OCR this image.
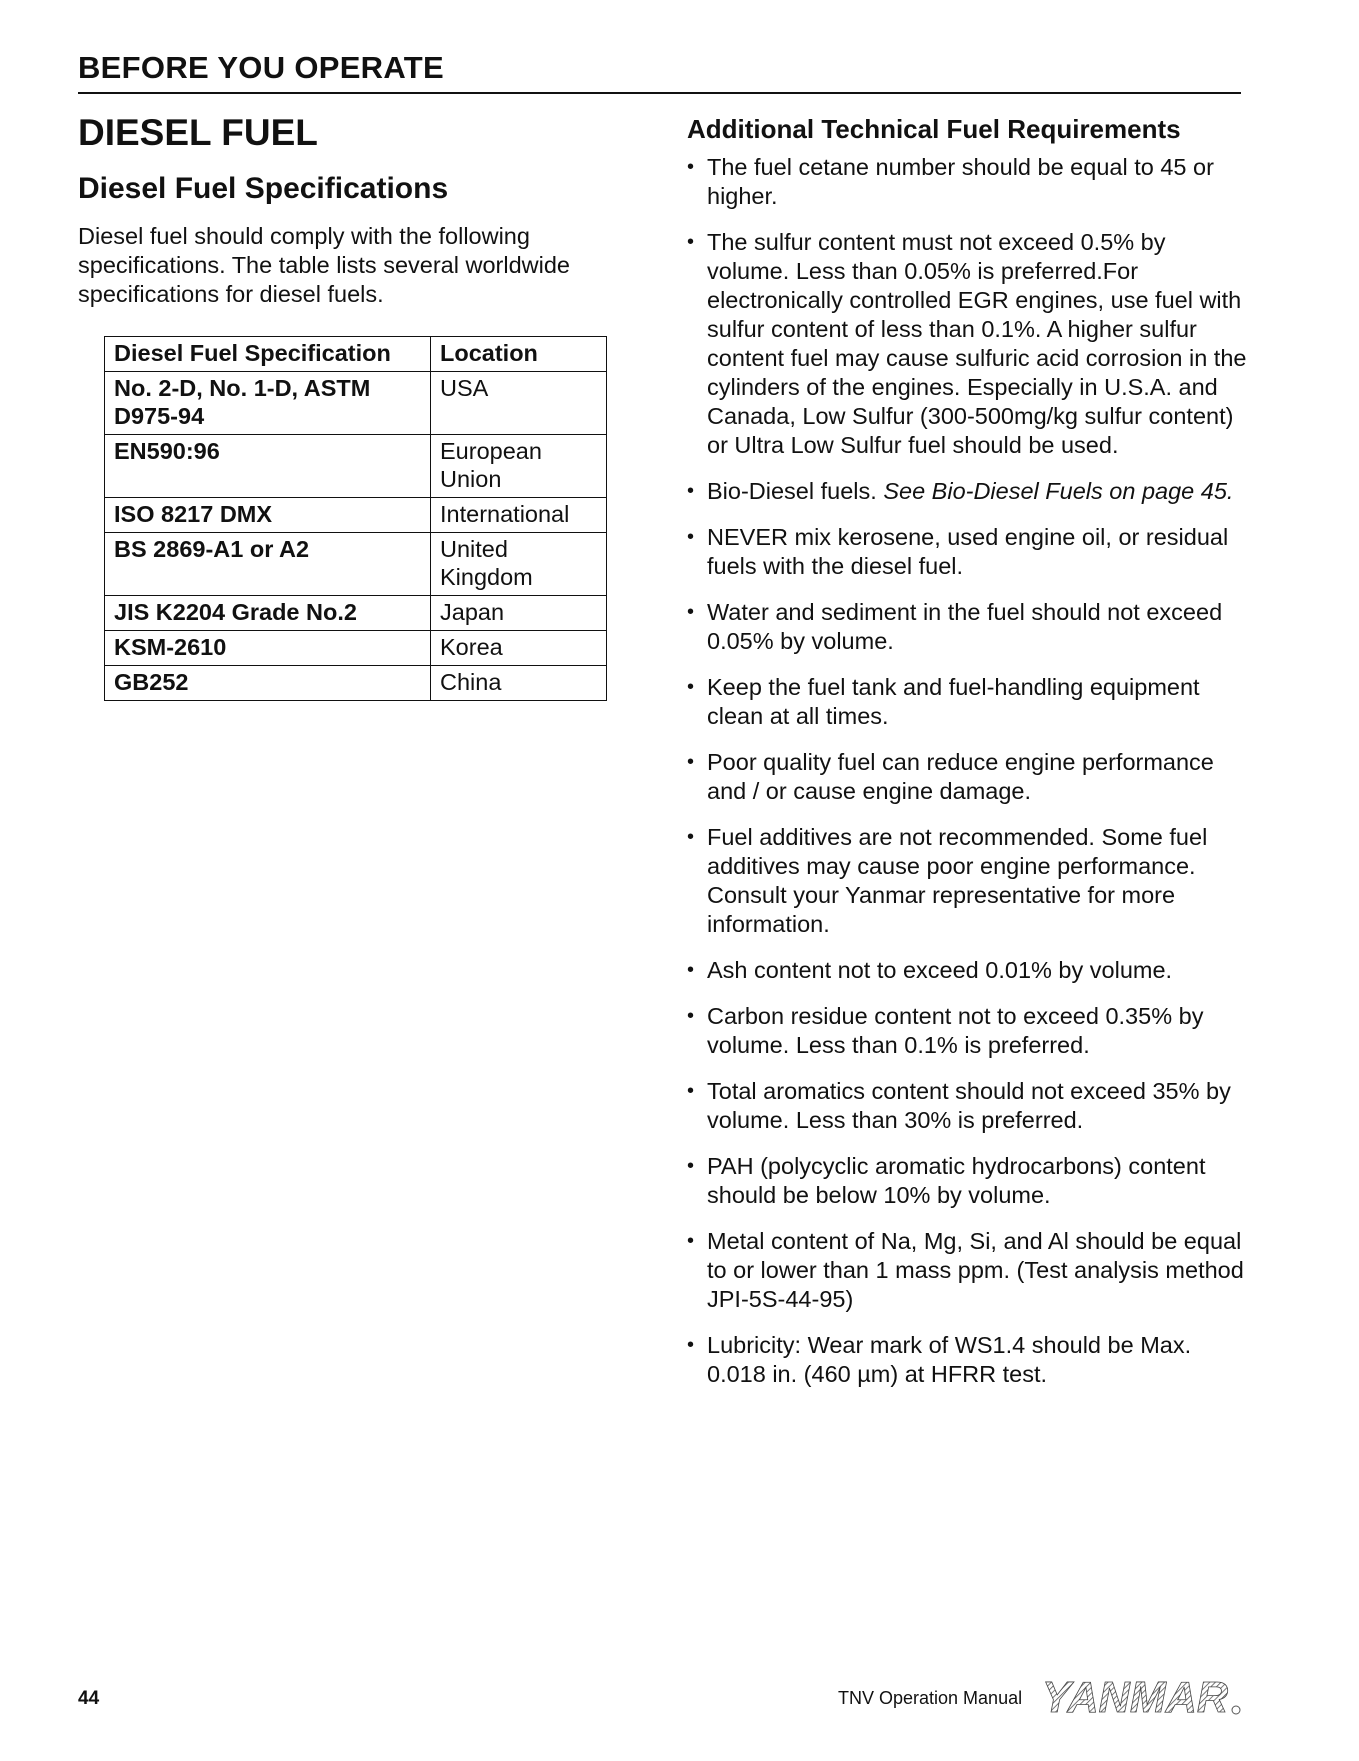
BEFORE YOU OPERATE
DIESEL FUEL
Diesel Fuel Specifications

Diesel fuel should comply with the following specifications. The table lists several worldwide specifications for diesel fuels.

Diesel Fuel Specification	Location
No. 2-D, No. 1-D, ASTM D975-94	USA
EN590:96	European Union
ISO 8217 DMX	International
BS 2869-A1 or A2	United Kingdom
JIS K2204 Grade No.2	Japan
KSM-2610	Korea
GB252	China
Additional Technical Fuel Requirements
• The fuel cetane number should be equal to 45 or higher.
• The sulfur content must not exceed 0.5% by volume. Less than 0.05% is preferred.For electronically controlled EGR engines, use fuel with sulfur content of less than 0.1%. A higher sulfur content fuel may cause sulfuric acid corrosion in the cylinders of the engines. Especially in U.S.A. and Canada, Low Sulfur (300-500mg/kg sulfur content) or Ultra Low Sulfur fuel should be used.
• Bio-Diesel fuels. See Bio-Diesel Fuels on page 45.
• NEVER mix kerosene, used engine oil, or residual fuels with the diesel fuel.
• Water and sediment in the fuel should not exceed 0.05% by volume.
• Keep the fuel tank and fuel-handling equipment clean at all times.
• Poor quality fuel can reduce engine performance and / or cause engine damage.
• Fuel additives are not recommended. Some fuel additives may cause poor engine performance. Consult your Yanmar representative for more information.
• Ash content not to exceed 0.01% by volume.
• Carbon residue content not to exceed 0.35% by volume. Less than 0.1% is preferred.
• Total aromatics content should not exceed 35% by volume. Less than 30% is preferred.
• PAH (polycyclic aromatic hydrocarbons) content should be below 10% by volume.
• Metal content of Na, Mg, Si, and Al should be equal to or lower than 1 mass ppm. (Test analysis method JPI-5S-44-95)
• Lubricity: Wear mark of WS1.4 should be Max. 0.018 in. (460 µm) at HFRR test.
44	TNV Operation Manual YANMAR
